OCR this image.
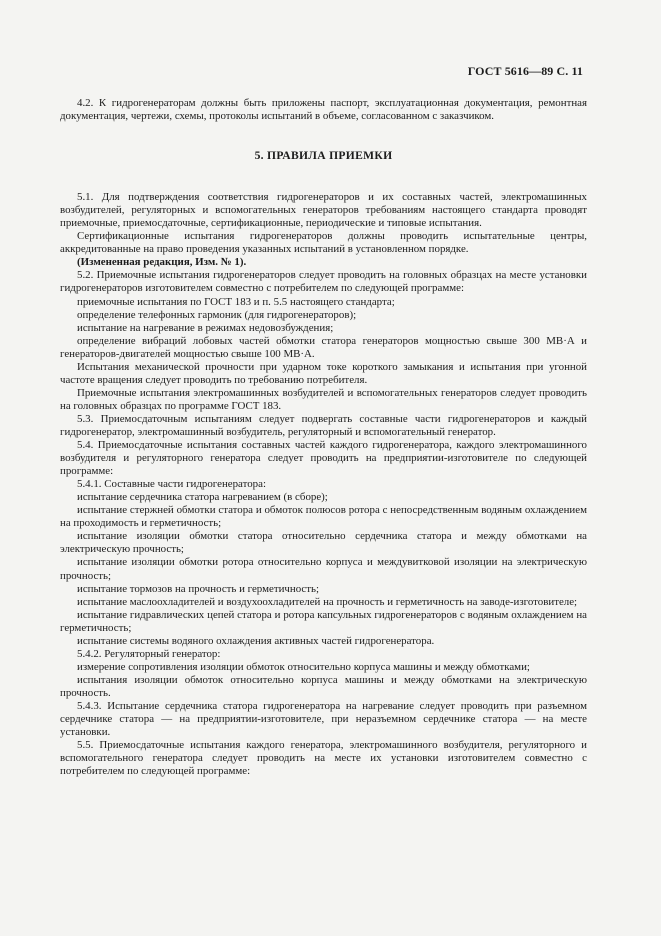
ГОСТ 5616—89 С. 11

4.2. К гидрогенераторам должны быть приложены паспорт, эксплуатационная документация, ремонтная документация, чертежи, схемы, протоколы испытаний в объеме, согласованном с заказчиком.

5. ПРАВИЛА ПРИЕМКИ

5.1. Для подтверждения соответствия гидрогенераторов и их составных частей, электромашинных возбудителей, регуляторных и вспомогательных генераторов требованиям настоящего стандарта проводят приемочные, приемосдаточные, сертификационные, периодические и типовые испытания.

Сертификационные испытания гидрогенераторов должны проводить испытательные центры, аккредитованные на право проведения указанных испытаний в установленном порядке.

(Измененная редакция, Изм. № 1).

5.2. Приемочные испытания гидрогенераторов следует проводить на головных образцах на месте установки гидрогенераторов изготовителем совместно с потребителем по следующей программе:

приемочные испытания по ГОСТ 183 и п. 5.5 настоящего стандарта;

определение телефонных гармоник (для гидрогенераторов);

испытание на нагревание в режимах недовозбуждения;

определение вибраций лобовых частей обмотки статора генераторов мощностью свыше 300 МВ·А и генераторов-двигателей мощностью свыше 100 МВ·А.

Испытания механической прочности при ударном токе короткого замыкания и испытания при угонной частоте вращения следует проводить по требованию потребителя.

Приемочные испытания электромашинных возбудителей и вспомогательных генераторов следует проводить на головных образцах по программе ГОСТ 183.

5.3. Приемосдаточным испытаниям следует подвергать составные части гидрогенераторов и каждый гидрогенератор, электромашинный возбудитель, регуляторный и вспомогательный генератор.

5.4. Приемосдаточные испытания составных частей каждого гидрогенератора, каждого электромашинного возбудителя и регуляторного генератора следует проводить на предприятии-изготовителе по следующей программе:

5.4.1. Составные части гидрогенератора:

испытание сердечника статора нагреванием (в сборе);

испытание стержней обмотки статора и обмоток полюсов ротора с непосредственным водяным охлаждением на проходимость и герметичность;

испытание изоляции обмотки статора относительно сердечника статора и между обмотками на электрическую прочность;

испытание изоляции обмотки ротора относительно корпуса и междувитковой изоляции на электрическую прочность;

испытание тормозов на прочность и герметичность;

испытание маслоохладителей и воздухоохладителей на прочность и герметичность на заводе-изготовителе;

испытание гидравлических цепей статора и ротора капсульных гидрогенераторов с водяным охлаждением на герметичность;

испытание системы водяного охлаждения активных частей гидрогенератора.

5.4.2. Регуляторный генератор:

измерение сопротивления изоляции обмоток относительно корпуса машины и между обмотками;

испытания изоляции обмоток относительно корпуса машины и между обмотками на электрическую прочность.

5.4.3. Испытание сердечника статора гидрогенератора на нагревание следует проводить при разъемном сердечнике статора — на предприятии-изготовителе, при неразъемном сердечнике статора — на месте установки.

5.5. Приемосдаточные испытания каждого генератора, электромашинного возбудителя, регуляторного и вспомогательного генератора следует проводить на месте их установки изготовителем совместно с потребителем по следующей программе:
